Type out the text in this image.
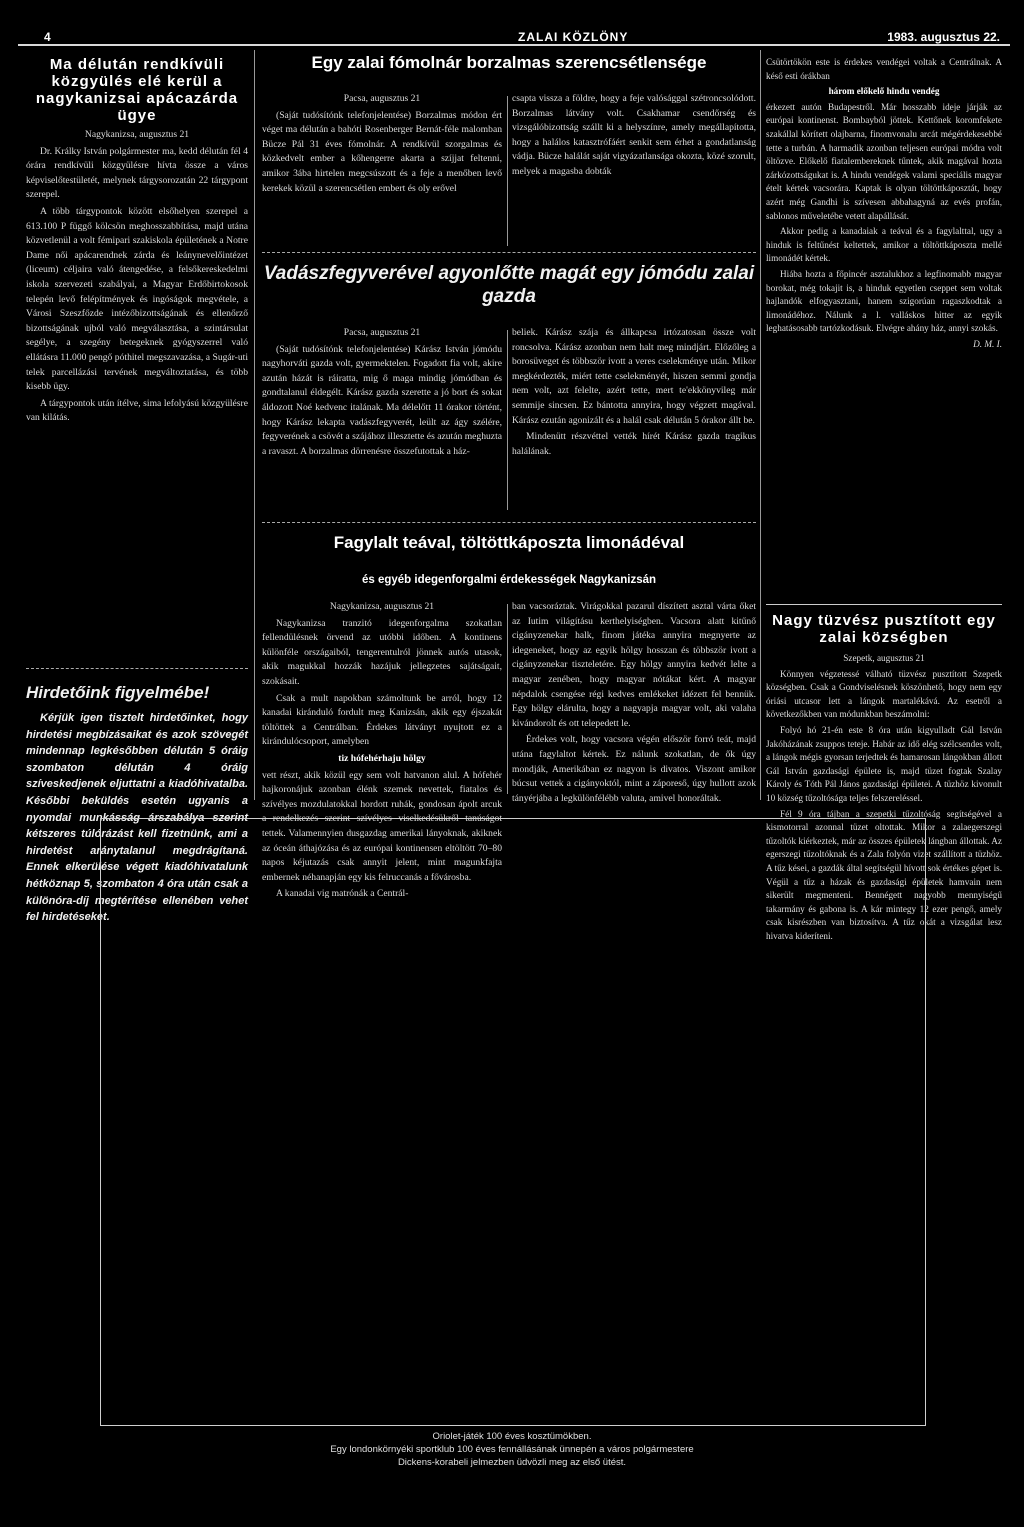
4	ZALAI KÖZLÖNY	1983. augusztus 22.
Ma délután rendkívüli közgyülés elé kerül a nagykanizsai apácazárda ügye

Nagykanizsa, augusztus 21

Dr. Králky István polgármester ma, kedd délután fél 4 órára rendkívüli közgyülésre hívta össze a város képviselőtestületét, melynek tárgysorozatán 22 tárgypont szerepel.

A több tárgypontok között elsőhelyen szerepel a 613.100 P függő kölcsön meghosszabbítása, majd utána közvetlenül a volt fémipari szakiskola épületének a Notre Dame női apácarendnek zárda és leánynevelőintézet (liceum) céljaira való átengedése, a felsőkereskedelmi iskola szervezeti szabályai, a Magyar Erdőbirtokosok telepén levő felépítmények és ingóságok megvétele, a Városi Szeszfőzde intézőbizottságának és ellenőrző bizottságának ujból való megválasztása, a szintársulat segélye, a szegény betegeknek gyógyszerrel való ellátásra 11.000 pengő póthitel megszavazása, a Sugár-uti telek parcellázási tervének megváltoztatása, és több kisebb ügy.

A tárgypontok után ítélve, sima lefolyású közgyülésre van kilátás.

Hirdetőink figyelmébe!

Kérjük igen tisztelt hirdetőinket, hogy hirdetési megbízásaikat és azok szövegét mindennap legkésőbben délután 5 óráig szombaton délután 4 óráig szíveskedjenek eljuttatni a kiadóhivatalba. Későbbi beküldés esetén ugyanis a nyomdai munkásság árszabálya szerint kétszeres túlórázást kell fizetnünk, ami a hirdetést aránytalanul megdrágítaná. Ennek elkerülése végett kiadóhivatalunk hétköznap 5, szombaton 4 óra után csak a különóra-díj megtérítése ellenében vehet fel hirdetéseket.

Egy zalai fómolnár borzalmas szerencsétlensége

Pacsa, augusztus 21

(Saját tudósítónk telefonjelentése) Borzalmas módon ért véget ma délután a bahóti Rosenberger Bernát-féle malomban Bücze Pál 31 éves fómolnár. A rendkívül szorgalmas és közkedvelt ember a kőhengerre akarta a szíjjat feltenni, amikor 3ába hirtelen megcsúszott és a feje a menőben levő kerekek közül a szerencsétlen embert és oly erővel

csapta vissza a földre, hogy a feje valósággal szétroncsolódott. Borzalmas látvány volt. Csakhamar csendőrség és vizsgálóbizottság szállt ki a helyszínre, amely megállapította, hogy a halálos katasztrófáért senkit sem érhet a gondatlanság vádja. Bücze halálát saját vigyázatlansága okozta, közé szorult, melyek a magasba dobták

Vadászfegyverével agyonlőtte magát egy jómódu zalai gazda

Pacsa, augusztus 21

(Saját tudósítónk telefonjelentése) Kárász István jómódu nagyhorváti gazda volt, gyermektelen. Fogadott fia volt, akire azután házát is ráiratta, mig ő maga mindig jómódban és gondtalanul éldegélt. Kárász gazda szerette a jó bort és sokat áldozott Noé kedvenc italának. Ma délelőtt 11 órakor történt, hogy Kárász lekapta vadászfegyverét, leült az ágy szélére, fegyverének a csövét a szájához illesztette és azután meghuzta a ravaszt. A borzalmas dörrenésre összefutottak a ház-

beliek. Kárász szája és állkapcsa irtózatosan össze volt roncsolva. Kárász azonban nem halt meg mindjárt. Előzőleg a borosüveget és többször ivott a veres cselekménye után. Mikor megkérdezték, miért tette cselekményét, hiszen semmi gondja nem volt, azt felelte, azért tette, mert te'ekkönyvileg már semmije sincsen. Ez bántotta annyira, hogy végzett magával. Kárász ezután agonizált és a halál csak délután 5 órakor állt be.

Mindenütt részvéttel vették hírét Kárász gazda tragikus halálának.

Fagylalt teával, töltöttkáposzta limonádéval
és egyéb idegenforgalmi érdekességek Nagykanizsán

Nagykanizsa, augusztus 21

Nagykanizsa tranzitó idegenforgalma szokatlan fellendülésnek örvend az utóbbi időben. A kontinens különféle országaiból, tengerentulról jönnek autós utasok, akik magukkal hozzák hazájuk jellegzetes sajátságait, szokásait.

Csak a mult napokban számoltunk be arról, hogy 12 kanadai kiránduló fordult meg Kanizsán, akik egy éjszakát töltöttek a Centrálban. Érdekes látványt nyujtott ez a kirándulócsoport, amelyben

tiz hófehérhaju hölgy

vett részt, akik közül egy sem volt hatvanon alul. A hófehér hajkoronájuk azonban élénk szemek nevettek, fiatalos és szívélyes mozdulatokkal hordott ruhák, gondosan ápolt arcuk a rendelkezés szerint szívélyes viselkedésükről tanúságot tettek. Valamennyien dusgazdag amerikai lányoknak, akiknek az óceán áthajózása és az európai kontinensen eltöltött 70–80 napos kéjutazás csak annyit jelent, mint magunkfajta embernek néhanapján egy kis felruccanás a fővárosba.

A kanadai vig matrónák a Centrál-

ban vacsoráztak. Virágokkal pazarul díszített asztal várta őket az Iutim világításu kerthelyiségben. Vacsora alatt kitűnő cigányzenekar halk, finom játéka annyira megnyerte az idegeneket, hogy az egyik hölgy hosszan és többször ivott a cigányzenekar tiszteletére. Egy hölgy annyira kedvét lelte a magyar zenében, hogy magyar nótákat kért. A magyar népdalok csengése régi kedves emlékeket idézett fel bennük. Egy hölgy elárulta, hogy a nagyapja magyar volt, aki valaha kivándorolt és ott telepedett le.

Érdekes volt, hogy vacsora végén először forró teát, majd utána fagylaltot kértek. Ez nálunk szokatlan, de ők úgy mondják, Amerikában ez nagyon is divatos. Viszont amikor búcsut vettek a cigányoktól, mint a záporeső, úgy hullott azok tányérjába a legkülönfélébb valuta, amivel honoráltak.

Csütörtökön este is érdekes vendégei voltak a Centrálnak. A késő esti órákban

három előkelő hindu vendég

érkezett autón Budapestről. Már hosszabb ideje járják az európai kontinenst. Bombayból jöttek. Kettőnek koromfekete szakállal körített olajbarna, finomvonalu arcát mégérdekesebbé tette a turbán. A harmadik azonban teljesen európai módra volt öltözve. Előkelő fiatalembereknek tűntek, akik magával hozta zárkózottságukat is. A hindu vendégek valami speciális magyar ételt kértek vacsorára. Kaptak is olyan töltöttkáposztát, hogy azért még Gandhi is szívesen abbahagyná az evés profán, sablonos műveletébe vetett alapállását.

Akkor pedig a kanadaiak a teával és a fagylalttal, ugy a hinduk is feltűnést keltettek, amikor a töltöttkáposzta mellé limonádét kértek.

Hiába hozta a főpincér asztalukhoz a legfinomabb magyar borokat, még tokajit is, a hinduk egyetlen cseppet sem voltak hajlandók elfogyasztani, hanem szigorúan ragaszkodtak a limonádéhoz. Nálunk a l. valláskos hitter az egyik leghatásosabb tartózkodásuk. Elvégre ahány ház, annyi szokás.

D. M. I.

Nagy tüzvész pusztított egy zalai községben

Szepetk, augusztus 21

Könnyen végzetessé válható tüzvész pusztított Szepetk községben. Csak a Gondviselésnek köszönhető, hogy nem egy óriási utcasor lett a lángok martalékává. Az esetről a következőkben van módunkban beszámolni:

Folyó hó 21-én este 8 óra után kigyulladt Gál István Jakóházának zsuppos teteje. Habár az idő elég szélcsendes volt, a lángok mégis gyorsan terjedtek és hamarosan lángokban állott Gál István gazdasági épülete is, majd tüzet fogtak Szalay Károly és Tóth Pál János gazdasági épületei. A tüzhöz kivonult 10 község tűzoltósága teljes felszereléssel.

Fél 9 óra tájban a szepetki tűzoltóság segítségével a kismotorral azonnal tüzet oltottak. Mikor a zalaegerszegi tűzoltók kiérkeztek, már az összes épületek lángban állottak. Az egerszegi tűzoltóknak és a Zala folyón vizet szállított a tüzhöz. A tűz kései, a gazdák által segítségül hívott sok értékes gépet is. Végül a tűz a házak és gazdasági épületek hamvain nem sikerült megmenteni. Bennégett nagyobb mennyiségű takarmány és gabona is. A kár mintegy 12 ezer pengő, amely csak kisrészben van biztosítva. A tűz okát a vizsgálat lesz hivatva kideríteni.

Oriolet-játék 100 éves kosztümökben.
Egy londonkörnyéki sportklub 100 éves fennállásának ünnepén a város polgármestere
Dickens-korabeli jelmezben üdvözli meg az első ütést.
